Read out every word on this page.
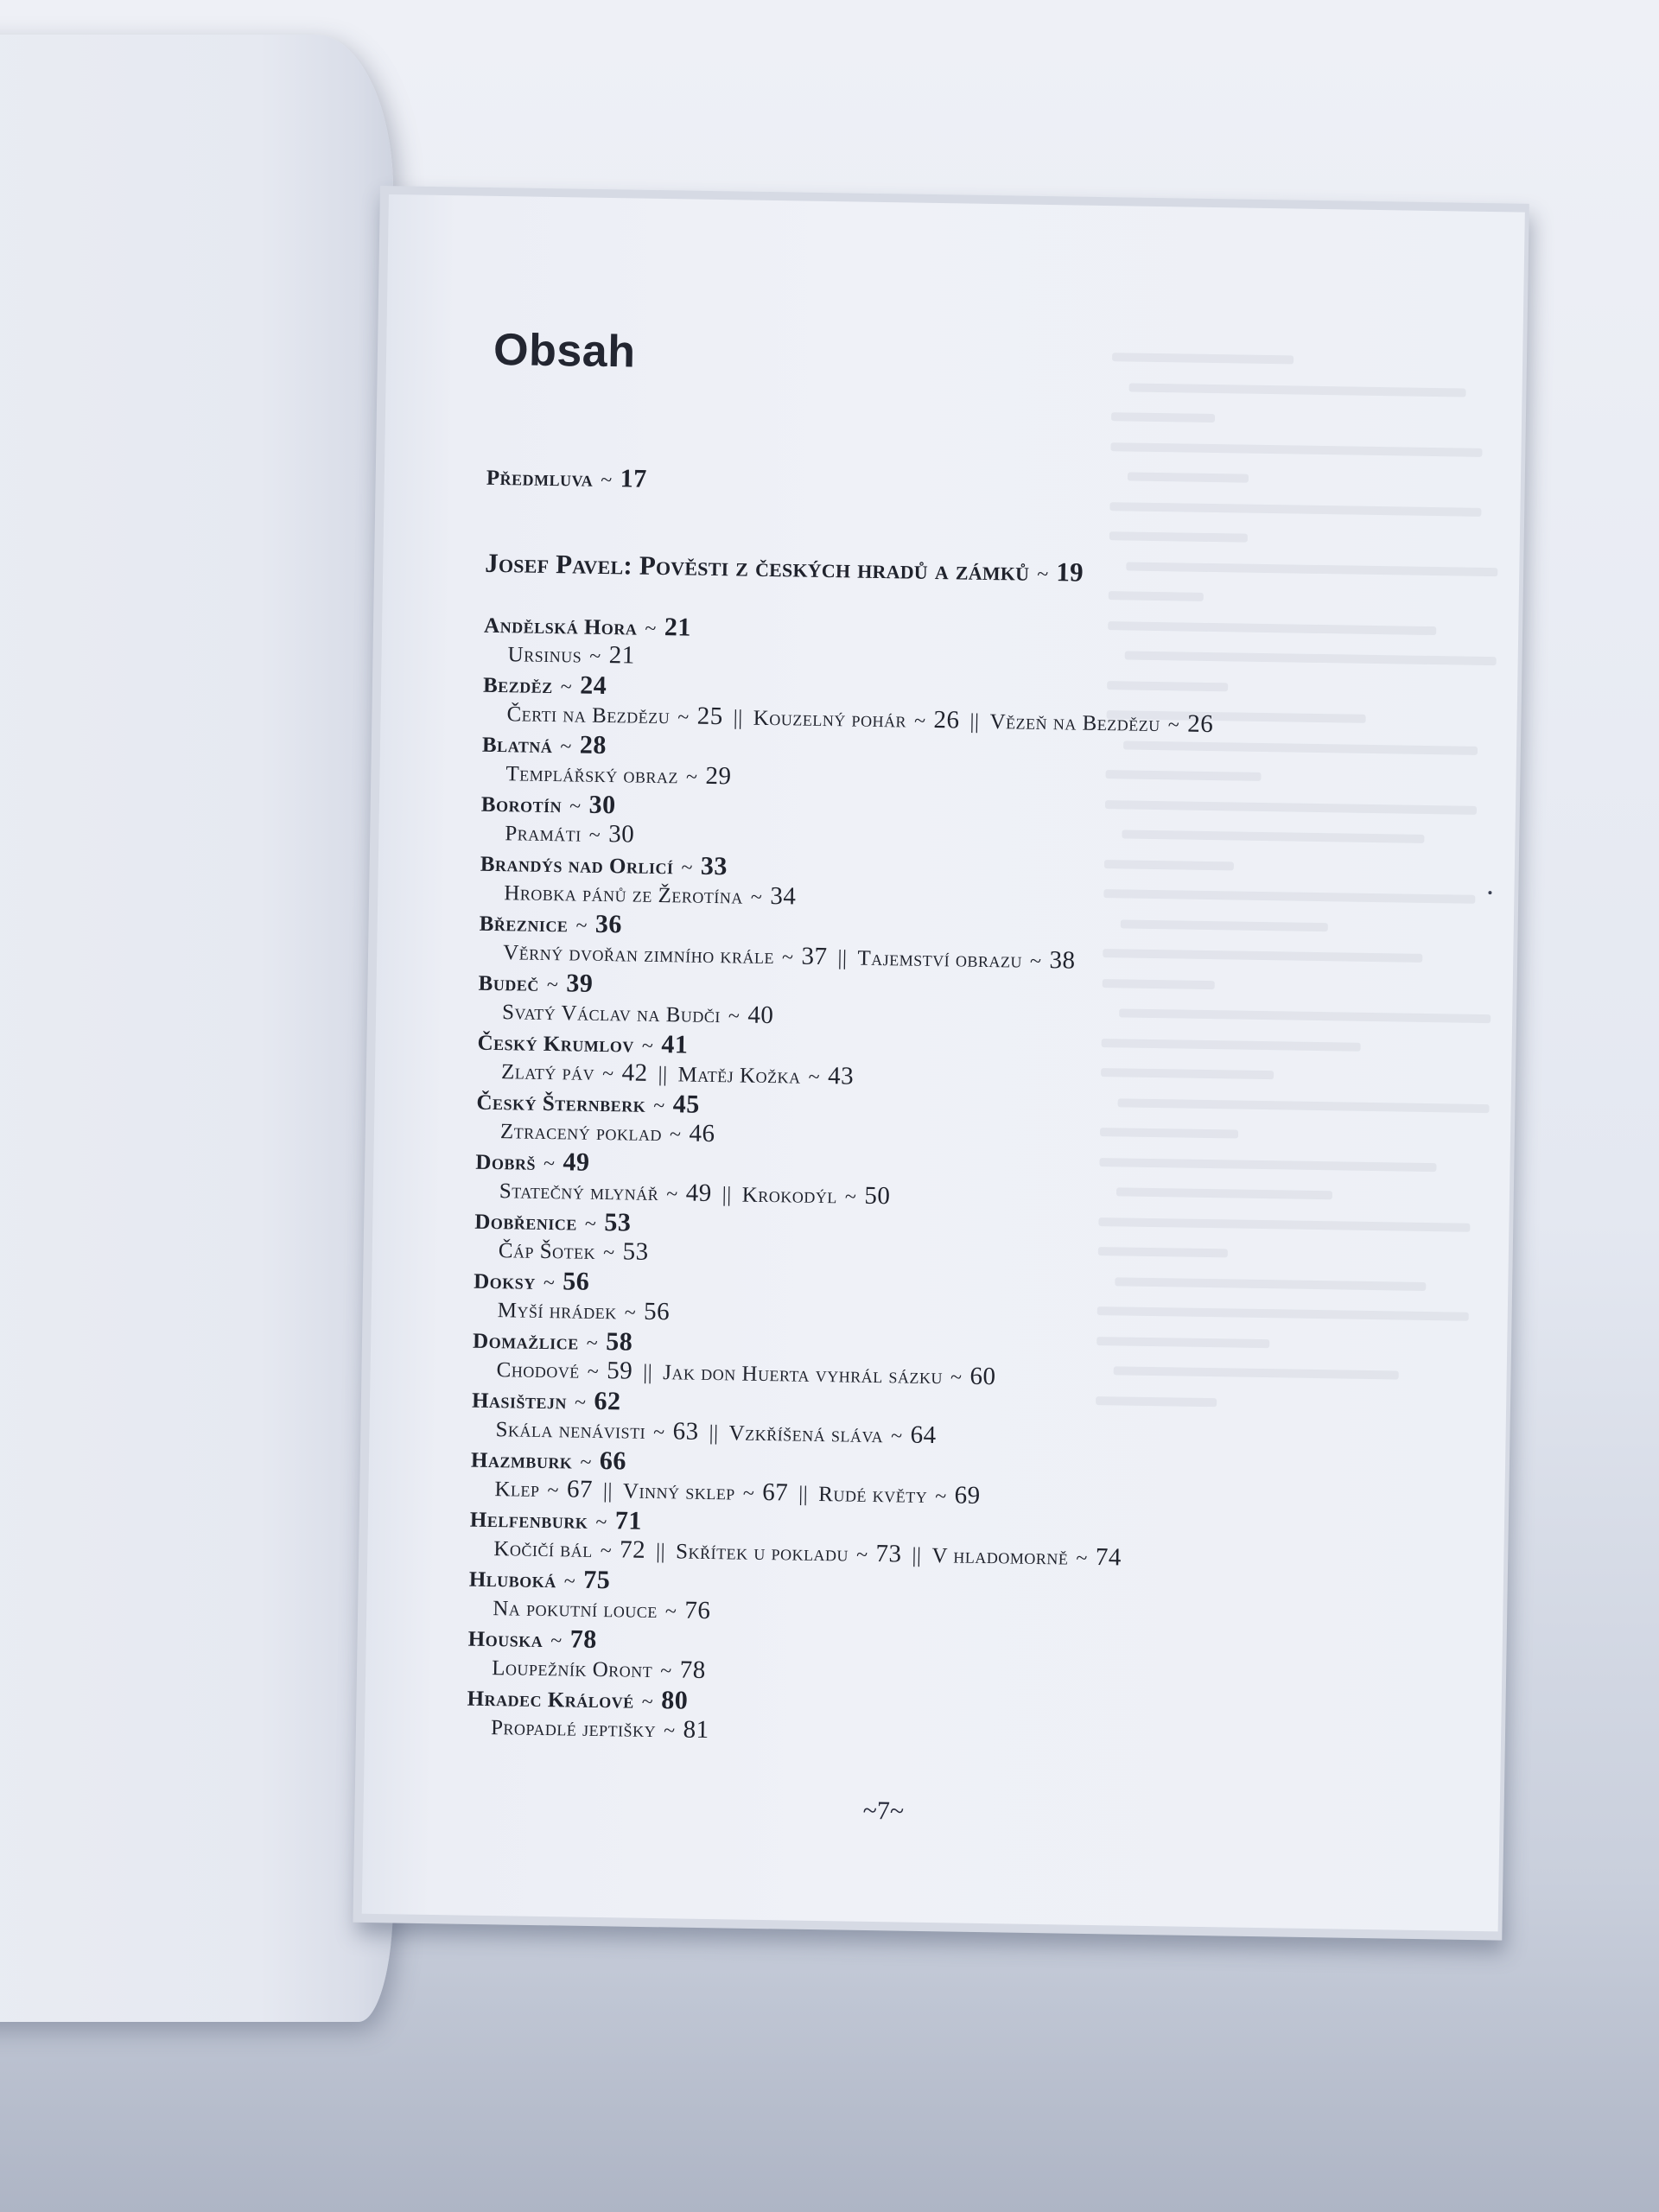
Obsah
Předmluva ~ 17
Josef Pavel: Pověsti z českých hradů a zámků ~ 19
Andělská Hora ~ 21
Ursinus ~ 21
Bezděz ~ 24
Čerti na Bezdězu ~ 25 || Kouzelný pohár ~ 26 || Vězeň na Bezdězu ~ 26
Blatná ~ 28
Templářský obraz ~ 29
Borotín ~ 30
Pramáti ~ 30
Brandýs nad Orlicí ~ 33
Hrobka pánů ze Žerotína ~ 34
Březnice ~ 36
Věrný dvořan zimního krále ~ 37 || Tajemství obrazu ~ 38
Budeč ~ 39
Svatý Václav na Budči ~ 40
Český Krumlov ~ 41
Zlatý páv ~ 42 || Matěj Kožka ~ 43
Český Šternberk ~ 45
Ztracený poklad ~ 46
Dobrš ~ 49
Statečný mlynář ~ 49 || Krokodýl ~ 50
Dobřenice ~ 53
Čáp Šotek ~ 53
Doksy ~ 56
Myší hrádek ~ 56
Domažlice ~ 58
Chodové ~ 59 || Jak don Huerta vyhrál sázku ~ 60
Hasištejn ~ 62
Skála nenávisti ~ 63 || Vzkříšená sláva ~ 64
Hazmburk ~ 66
Klep ~ 67 || Vinný sklep ~ 67 || Rudé květy ~ 69
Helfenburk ~ 71
Kočičí bál ~ 72 || Skřítek u pokladu ~ 73 || V hladomorně ~ 74
Hluboká ~ 75
Na pokutní louce ~ 76
Houska ~ 78
Loupežník Oront ~ 78
Hradec Králové ~ 80
Propadlé jeptišky ~ 81
~7~
